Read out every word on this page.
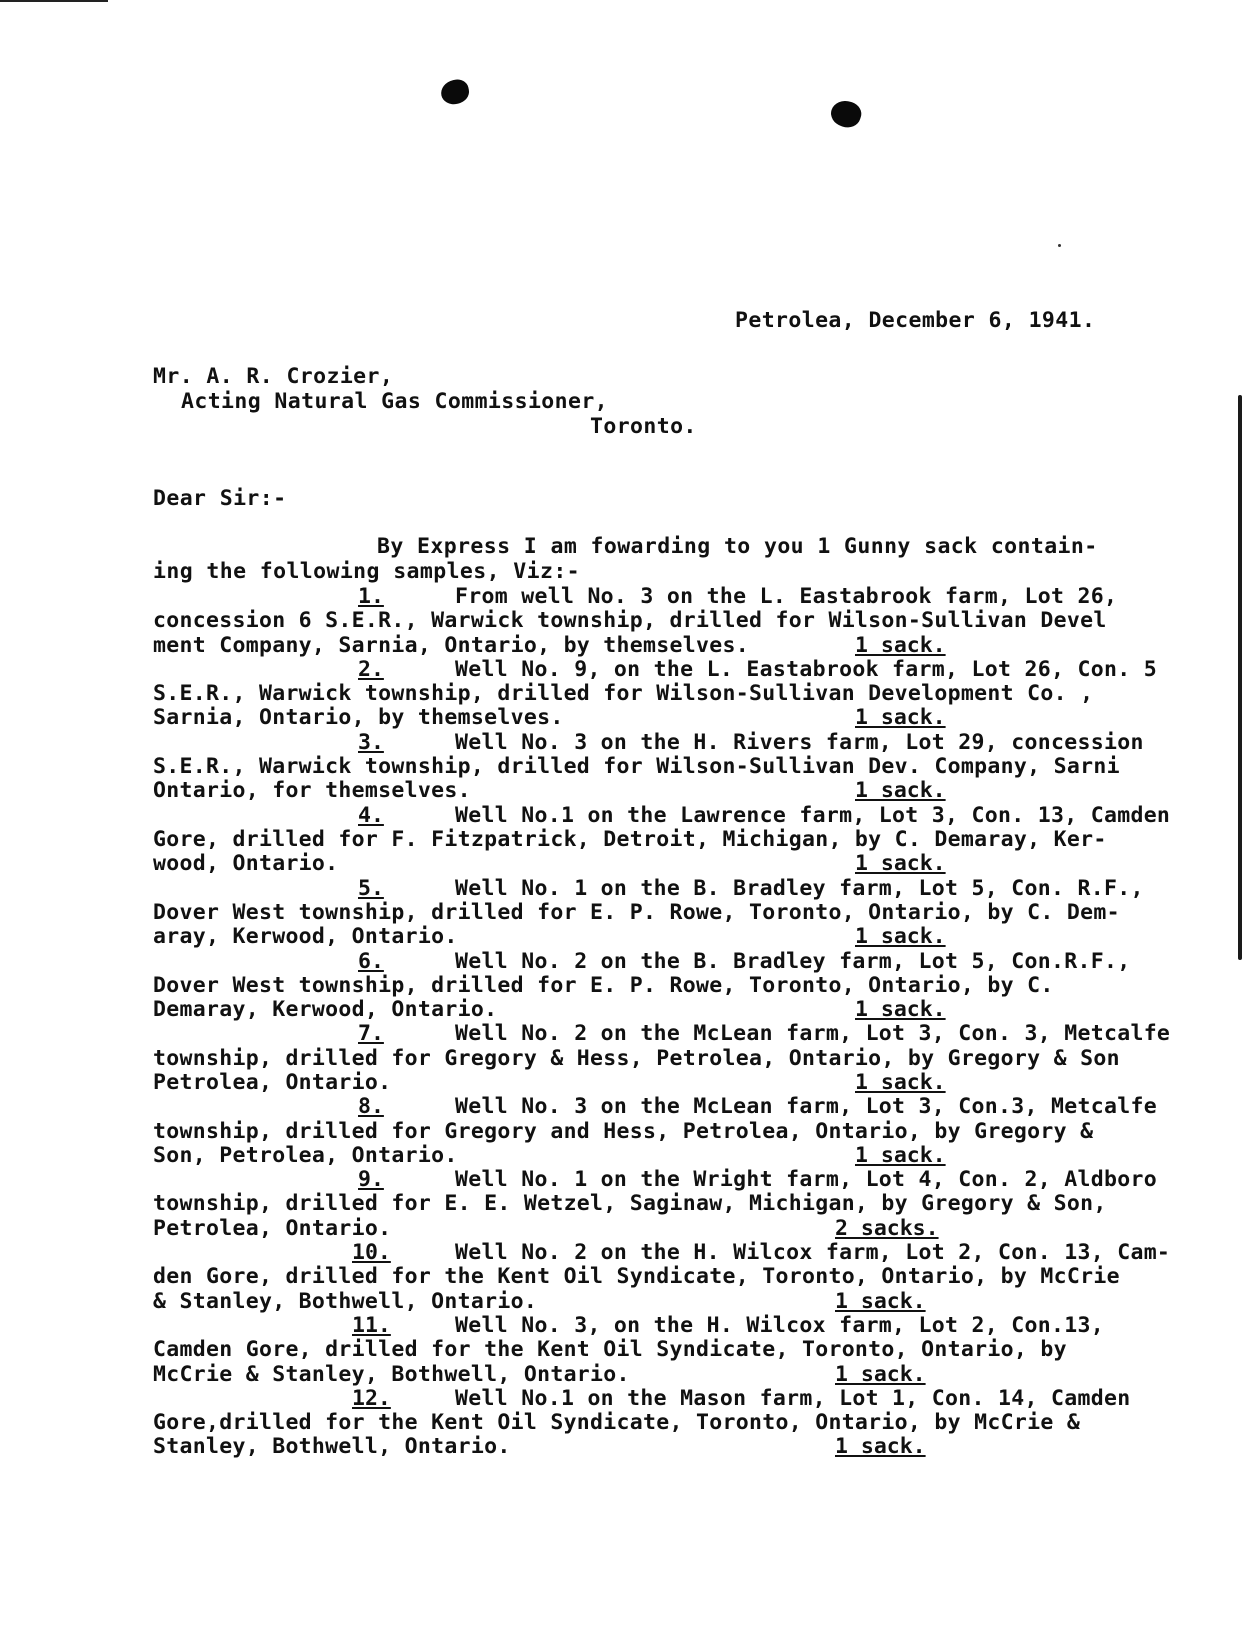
Petrolea, December 6, 1941.
Mr. A. R. Crozier,
Acting Natural Gas Commissioner,
Toronto.
Dear Sir:-
By Express I am fowarding to you 1 Gunny sack contain-
ing the following samples, Viz:-
1.	From well No. 3 on the L. Eastabrook farm, Lot 26,
concession 6 S.E.R., Warwick township, drilled for Wilson-Sullivan Devel
ment Company, Sarnia, Ontario, by themselves.	1 sack.
2.	Well No. 9, on the L. Eastabrook farm, Lot 26, Con. 5
S.E.R., Warwick township, drilled for Wilson-Sullivan Development Co. ,
Sarnia, Ontario, by themselves.	1 sack.
3.	Well No. 3 on the H. Rivers farm, Lot 29, concession
S.E.R., Warwick township, drilled for Wilson-Sullivan Dev. Company, Sarni
Ontario, for themselves.	1 sack.
4.	Well No.1 on the Lawrence farm, Lot 3, Con. 13, Camden
Gore, drilled for F. Fitzpatrick, Detroit, Michigan, by C. Demaray, Ker-
wood, Ontario.	1 sack.
5.	Well No. 1 on the B. Bradley farm, Lot 5, Con. R.F.,
Dover West township, drilled for E. P. Rowe, Toronto, Ontario, by C. Dem-
aray, Kerwood, Ontario.	1 sack.
6.	Well No. 2 on the B. Bradley farm, Lot 5, Con.R.F.,
Dover West township, drilled for E. P. Rowe, Toronto, Ontario, by C.
Demaray, Kerwood, Ontario.	1 sack.
7.	Well No. 2 on the McLean farm, Lot 3, Con. 3, Metcalfe
township, drilled for Gregory & Hess, Petrolea, Ontario, by Gregory & Son
Petrolea, Ontario.	1 sack.
8.	Well No. 3 on the McLean farm, Lot 3, Con.3, Metcalfe
township, drilled for Gregory and Hess, Petrolea, Ontario, by Gregory &
Son, Petrolea, Ontario.	1 sack.
9.	Well No. 1 on the Wright farm, Lot 4, Con. 2, Aldboro
township, drilled for E. E. Wetzel, Saginaw, Michigan, by Gregory & Son,
Petrolea, Ontario.	2 sacks.
10.	Well No. 2 on the H. Wilcox farm, Lot 2, Con. 13, Cam-
den Gore, drilled for the Kent Oil Syndicate, Toronto, Ontario, by McCrie
& Stanley, Bothwell, Ontario.	1 sack.
11.	Well No. 3, on the H. Wilcox farm, Lot 2, Con.13,
Camden Gore, drilled for the Kent Oil Syndicate, Toronto, Ontario, by
McCrie & Stanley, Bothwell, Ontario.	1 sack.
12.	Well No.1 on the Mason farm, Lot 1, Con. 14, Camden
Gore,drilled for the Kent Oil Syndicate, Toronto, Ontario, by McCrie &
Stanley, Bothwell, Ontario.	1 sack.
